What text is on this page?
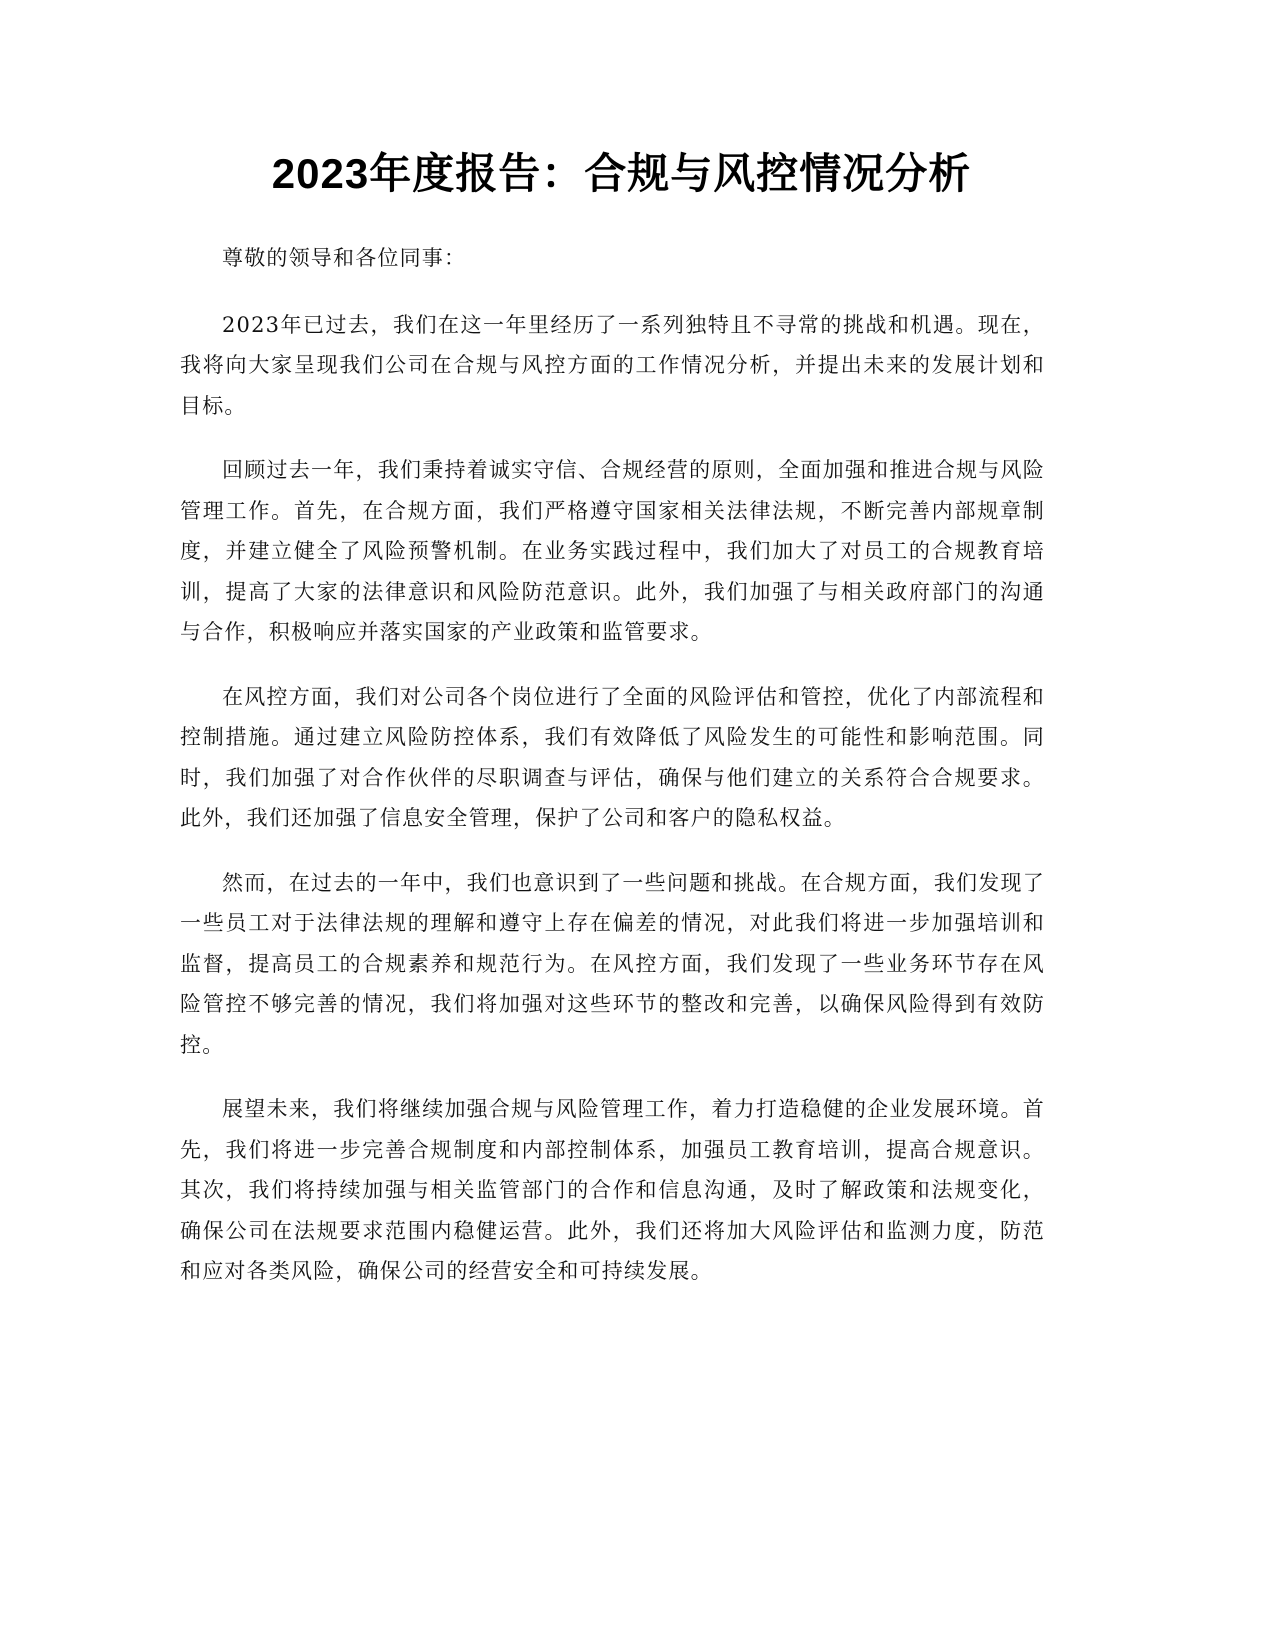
2023年度报告：合规与风控情况分析

尊敬的领导和各位同事：

2023年已过去，我们在这一年里经历了一系列独特且不寻常的挑战和机遇。现在，我将向大家呈现我们公司在合规与风控方面的工作情况分析，并提出未来的发展计划和目标。

回顾过去一年，我们秉持着诚实守信、合规经营的原则，全面加强和推进合规与风险管理工作。首先，在合规方面，我们严格遵守国家相关法律法规，不断完善内部规章制度，并建立健全了风险预警机制。在业务实践过程中，我们加大了对员工的合规教育培训，提高了大家的法律意识和风险防范意识。此外，我们加强了与相关政府部门的沟通与合作，积极响应并落实国家的产业政策和监管要求。

在风控方面，我们对公司各个岗位进行了全面的风险评估和管控，优化了内部流程和控制措施。通过建立风险防控体系，我们有效降低了风险发生的可能性和影响范围。同时，我们加强了对合作伙伴的尽职调查与评估，确保与他们建立的关系符合合规要求。此外，我们还加强了信息安全管理，保护了公司和客户的隐私权益。

然而，在过去的一年中，我们也意识到了一些问题和挑战。在合规方面，我们发现了一些员工对于法律法规的理解和遵守上存在偏差的情况，对此我们将进一步加强培训和监督，提高员工的合规素养和规范行为。在风控方面，我们发现了一些业务环节存在风险管控不够完善的情况，我们将加强对这些环节的整改和完善，以确保风险得到有效防控。

展望未来，我们将继续加强合规与风险管理工作，着力打造稳健的企业发展环境。首先，我们将进一步完善合规制度和内部控制体系，加强员工教育培训，提高合规意识。其次，我们将持续加强与相关监管部门的合作和信息沟通，及时了解政策和法规变化，确保公司在法规要求范围内稳健运营。此外，我们还将加大风险评估和监测力度，防范和应对各类风险，确保公司的经营安全和可持续发展。
